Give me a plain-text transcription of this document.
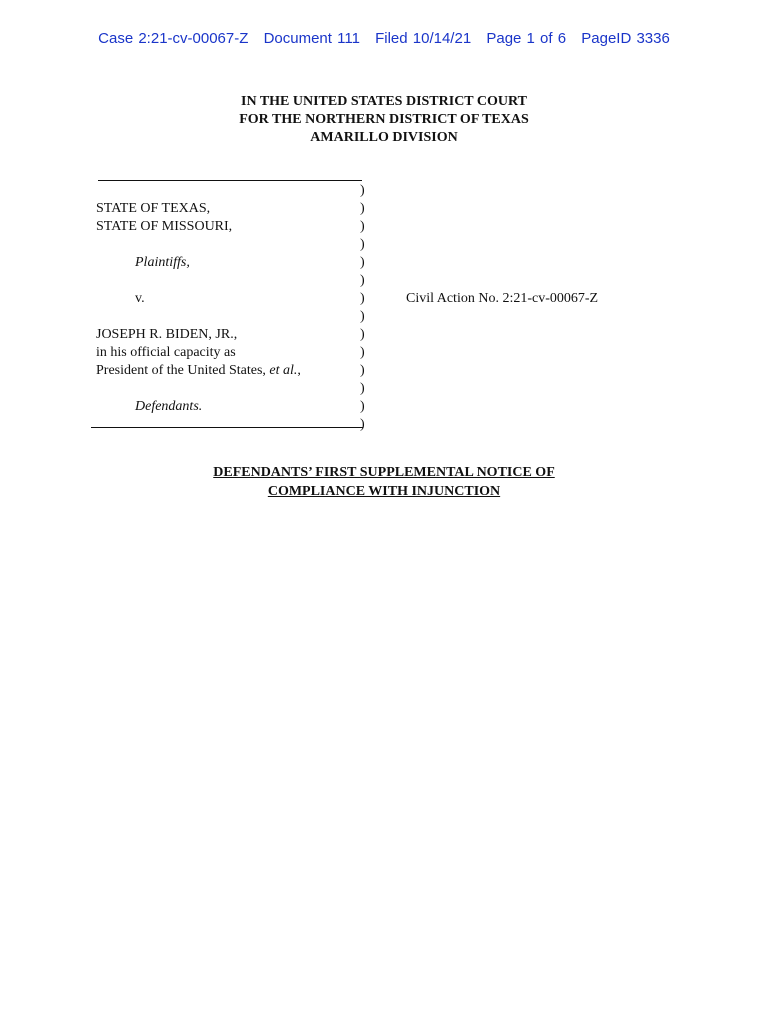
Case 2:21-cv-00067-Z Document 111 Filed 10/14/21 Page 1 of 6 PageID 3336
IN THE UNITED STATES DISTRICT COURT
FOR THE NORTHERN DISTRICT OF TEXAS
AMARILLO DIVISION
)
)
)
)
)
)
)
)
)
)
)
)
)
)
STATE OF TEXAS,
STATE OF MISSOURI,
Plaintiffs,
v.	Civil Action No. 2:21-cv-00067-Z
JOSEPH R. BIDEN, JR.,
in his official capacity as
President of the United States, et al.,
Defendants.
DEFENDANTS’ FIRST SUPPLEMENTAL NOTICE OF
COMPLIANCE WITH INJUNCTION
